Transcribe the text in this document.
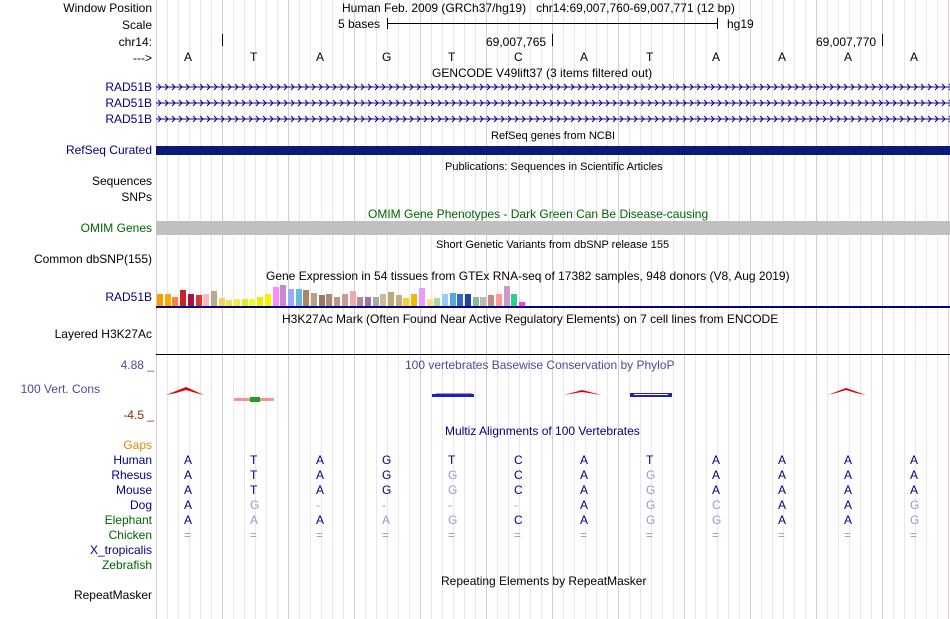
Window Position
Scale
chr14:
--->
Human Feb. 2009 (GRCh37/hg19)   chr14:69,007,760-69,007,771 (12 bp)
5 bases	hg19
69,007,765	69,007,770
A	T	A	G	T	C	A	T	A	A	A	A
GENCODE V49lift37 (3 items filtered out)
RAD51B
RAD51B
RAD51B
RefSeq genes from NCBI
RefSeq Curated
Publications: Sequences in Scientific Articles
Sequences
SNPs
OMIM Gene Phenotypes - Dark Green Can Be Disease-causing
OMIM Genes
Short Genetic Variants from dbSNP release 155
Common dbSNP(155)
Gene Expression in 54 tissues from GTEx RNA-seq of 17382 samples, 948 donors (V8, Aug 2019)
RAD51B
H3K27Ac Mark (Often Found Near Active Regulatory Elements) on 7 cell lines from ENCODE
Layered H3K27Ac
100 vertebrates Basewise Conservation by PhyloP
4.88 _
100 Vert. Cons
-4.5 _
Multiz Alignments of 100 Vertebrates
Gaps
Human	A	T	A	G	T	C	A	T	A	A	A	A
Rhesus	A	T	A	G	G	C	A	G	A	A	A	A
Mouse	A	T	A	G	G	C	A	G	A	A	A	A
Dog	A	G	-	-	-	-	A	G	C	A	A	G
Elephant	A	A	A	A	G	C	A	G	G	A	A	G
Chicken	=	=	=	=	=	=	=	=	=	=	=	=
X_tropicalis
Zebrafish
Repeating Elements by RepeatMasker
RepeatMasker
